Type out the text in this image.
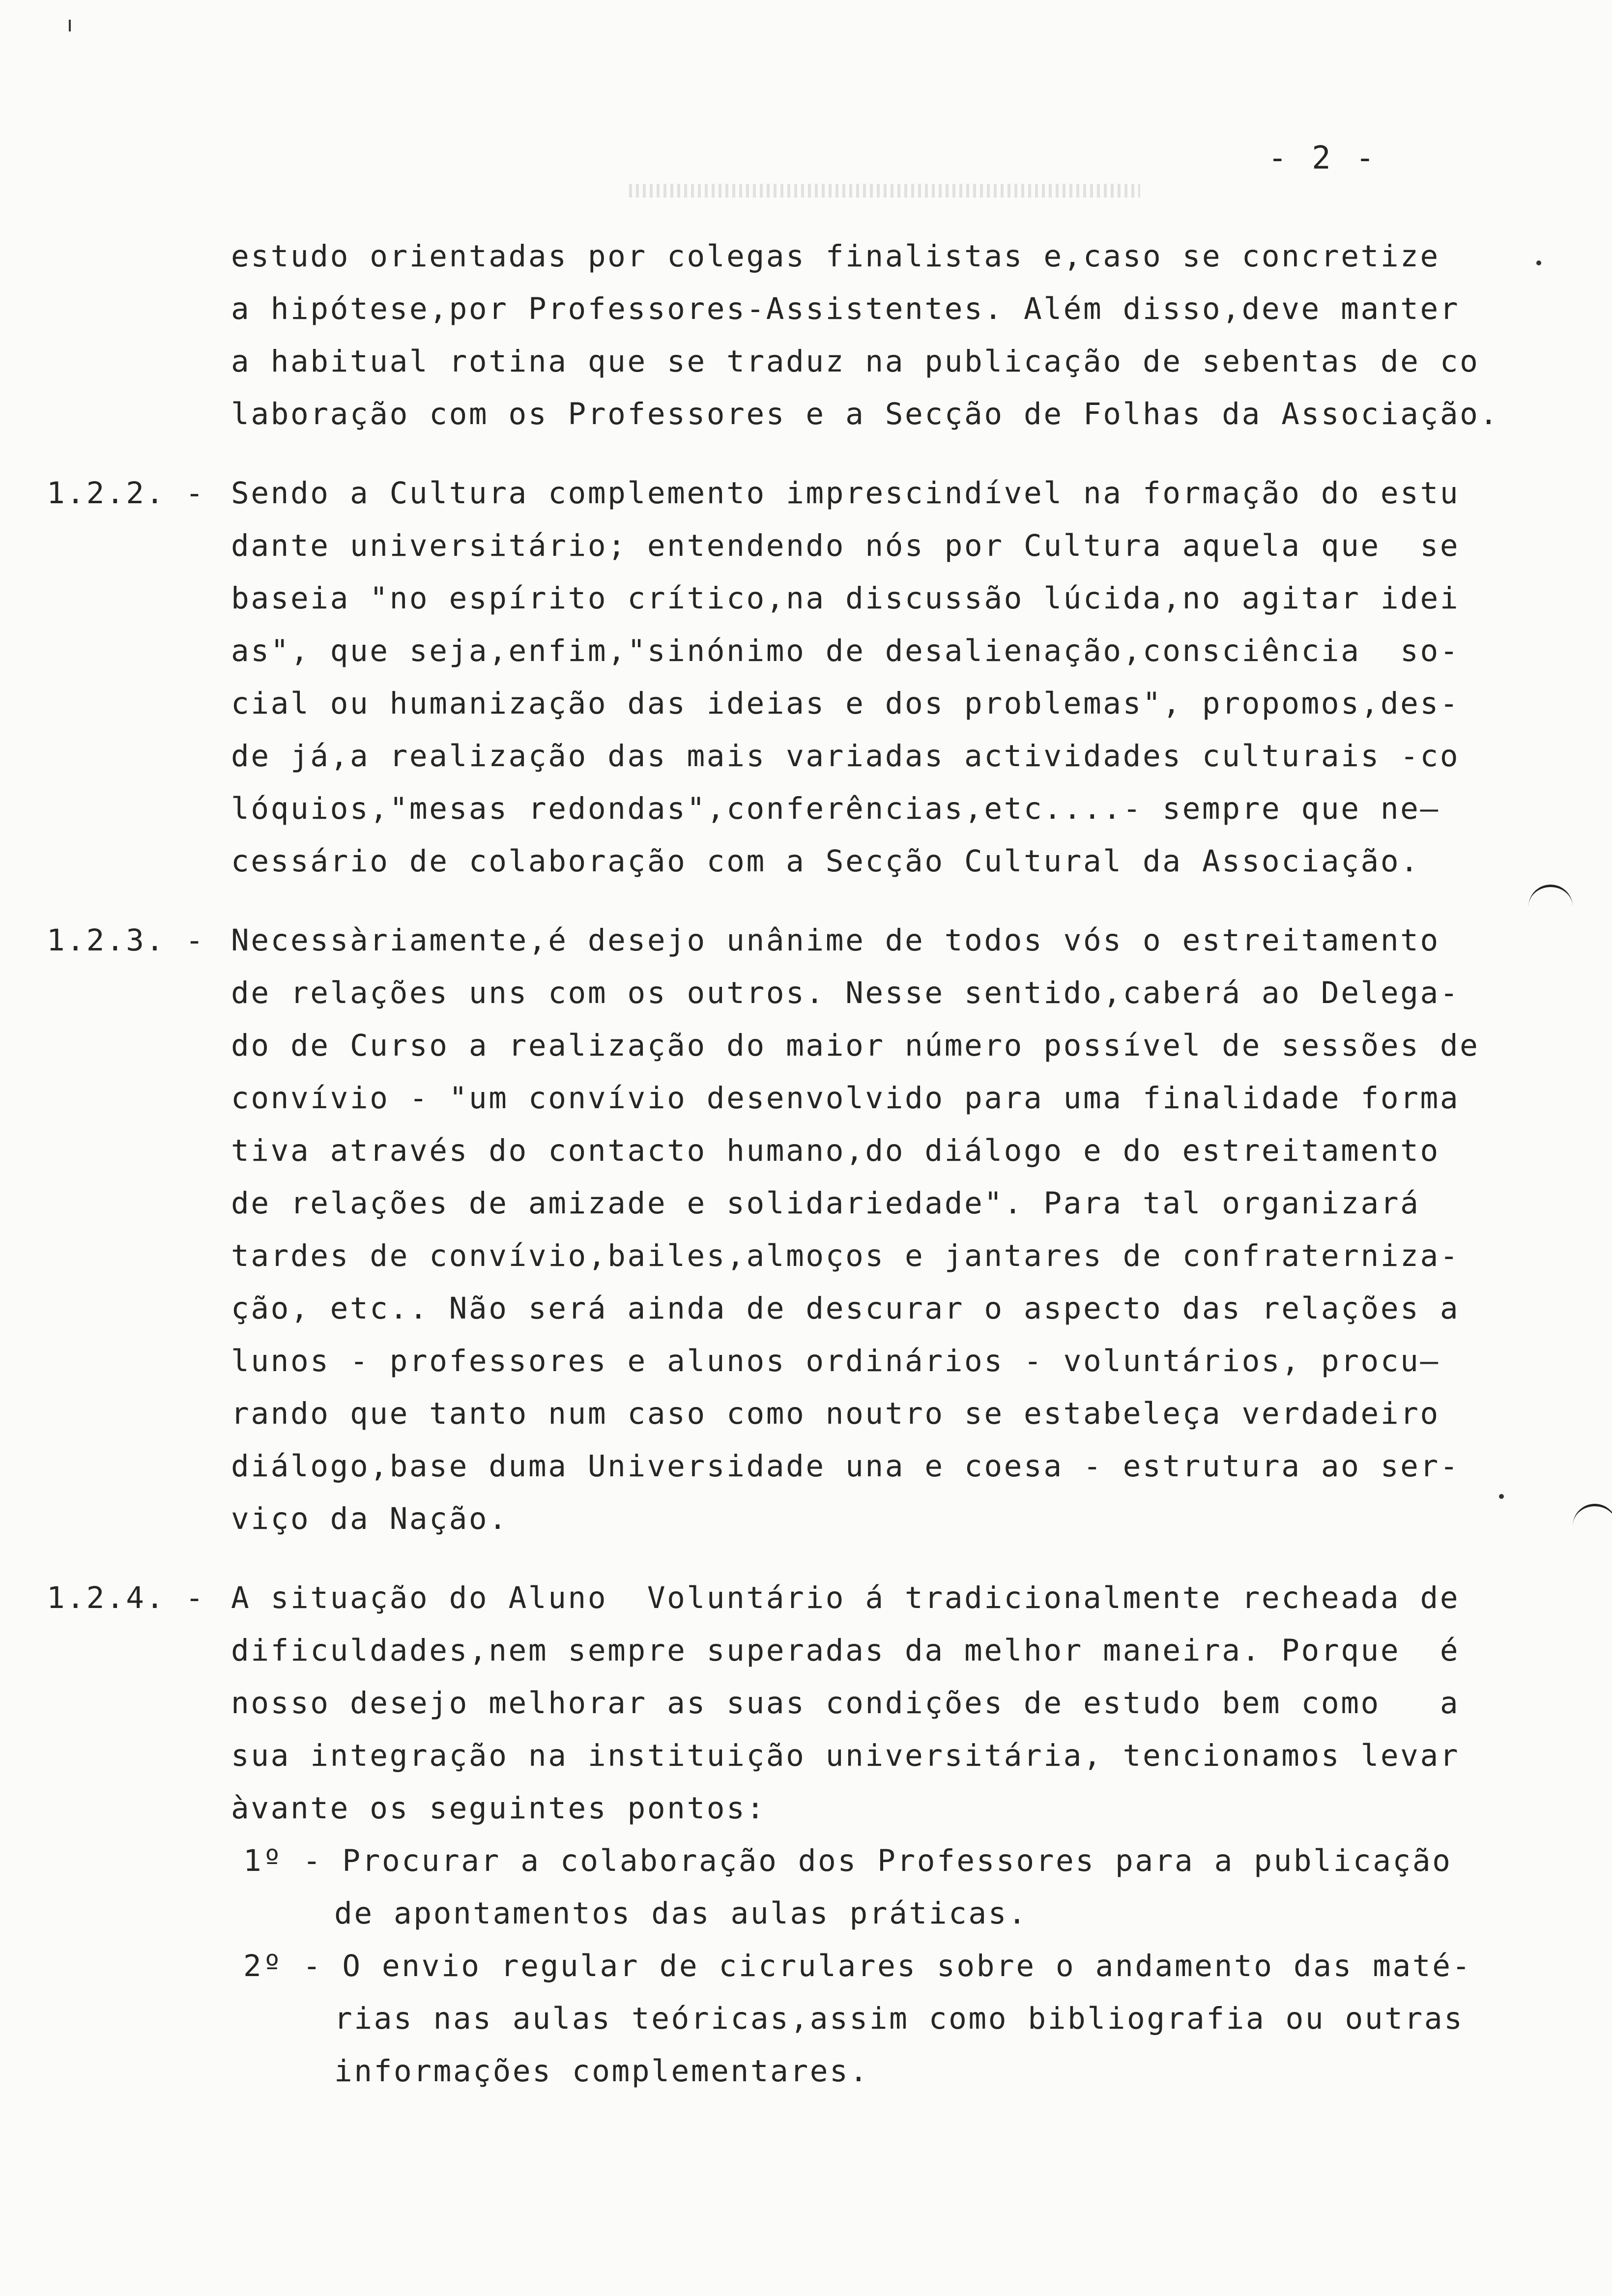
- 2 -
estudo orientadas por colegas finalistas e,caso se concretize
a hipótese,por Professores-Assistentes. Além disso,deve manter
a habitual rotina que se traduz na publicação de sebentas de co
laboração com os Professores e a Secção de Folhas da Associação.
1.2.2. - Sendo a Cultura complemento imprescindível na formação do estu
dante universitário; entendendo nós por Cultura aquela que  se
baseia "no espírito crítico,na discussão lúcida,no agitar idei
as", que seja,enfim,"sinónimo de desalienação,consciência  so-
cial ou humanização das ideias e dos problemas", propomos,des-
de já,a realização das mais variadas actividades culturais -co
lóquios,"mesas redondas",conferências,etc....- sempre que ne—
cessário de colaboração com a Secção Cultural da Associação.
1.2.3. - Necessàriamente,é desejo unânime de todos vós o estreitamento
de relações uns com os outros. Nesse sentido,caberá ao Delega-
do de Curso a realização do maior número possível de sessões de
convívio - "um convívio desenvolvido para uma finalidade forma
tiva através do contacto humano,do diálogo e do estreitamento
de relações de amizade e solidariedade". Para tal organizará
tardes de convívio,bailes,almoços e jantares de confraterniza-
ção, etc.. Não será ainda de descurar o aspecto das relações a
lunos - professores e alunos ordinários - voluntários, procu—
rando que tanto num caso como noutro se estabeleça verdadeiro
diálogo,base duma Universidade una e coesa - estrutura ao ser-
viço da Nação.
1.2.4. - A situação do Aluno  Voluntário á tradicionalmente recheada de
dificuldades,nem sempre superadas da melhor maneira. Porque  é
nosso desejo melhorar as suas condições de estudo bem como   a
sua integração na instituição universitária, tencionamos levar
àvante os seguintes pontos:
1º - Procurar a colaboração dos Professores para a publicação
de apontamentos das aulas práticas.
2º - O envio regular de cicrulares sobre o andamento das maté-
rias nas aulas teóricas,assim como bibliografia ou outras
informações complementares.
